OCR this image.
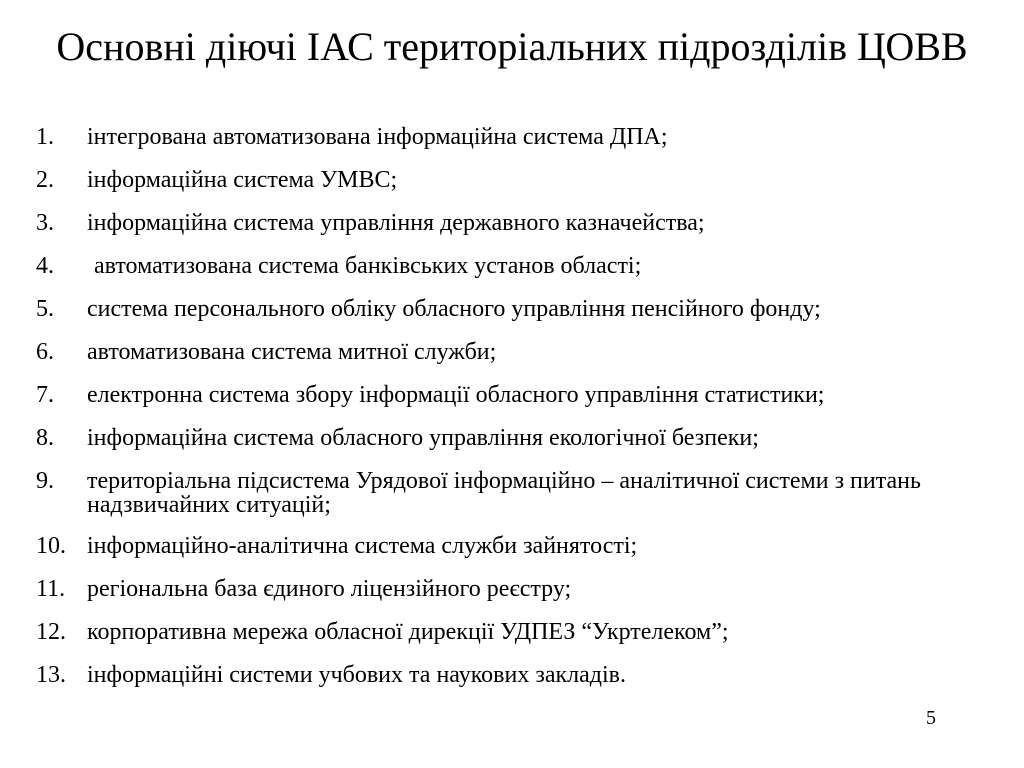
Основні діючі ІАС територіальних підрозділів ЦОВВ
1. інтегрована автоматизована інформаційна система ДПА;
2. інформаційна система УМВС;
3. інформаційна система управління державного казначейства;
4. автоматизована система банківських установ області;
5. система персонального обліку обласного управління пенсійного фонду;
6. автоматизована система митної служби;
7. електронна система збору інформації обласного управління статистики;
8. інформаційна система обласного управління екологічної безпеки;
9. територіальна підсистема Урядової інформаційно – аналітичної системи з питань надзвичайних ситуацій;
10. інформаційно-аналітична система служби зайнятості;
11. регіональна база єдиного ліцензійного реєстру;
12. корпоративна мережа обласної дирекції УДПЕЗ “Укртелеком”;
13. інформаційні системи учбових та наукових закладів.
5
